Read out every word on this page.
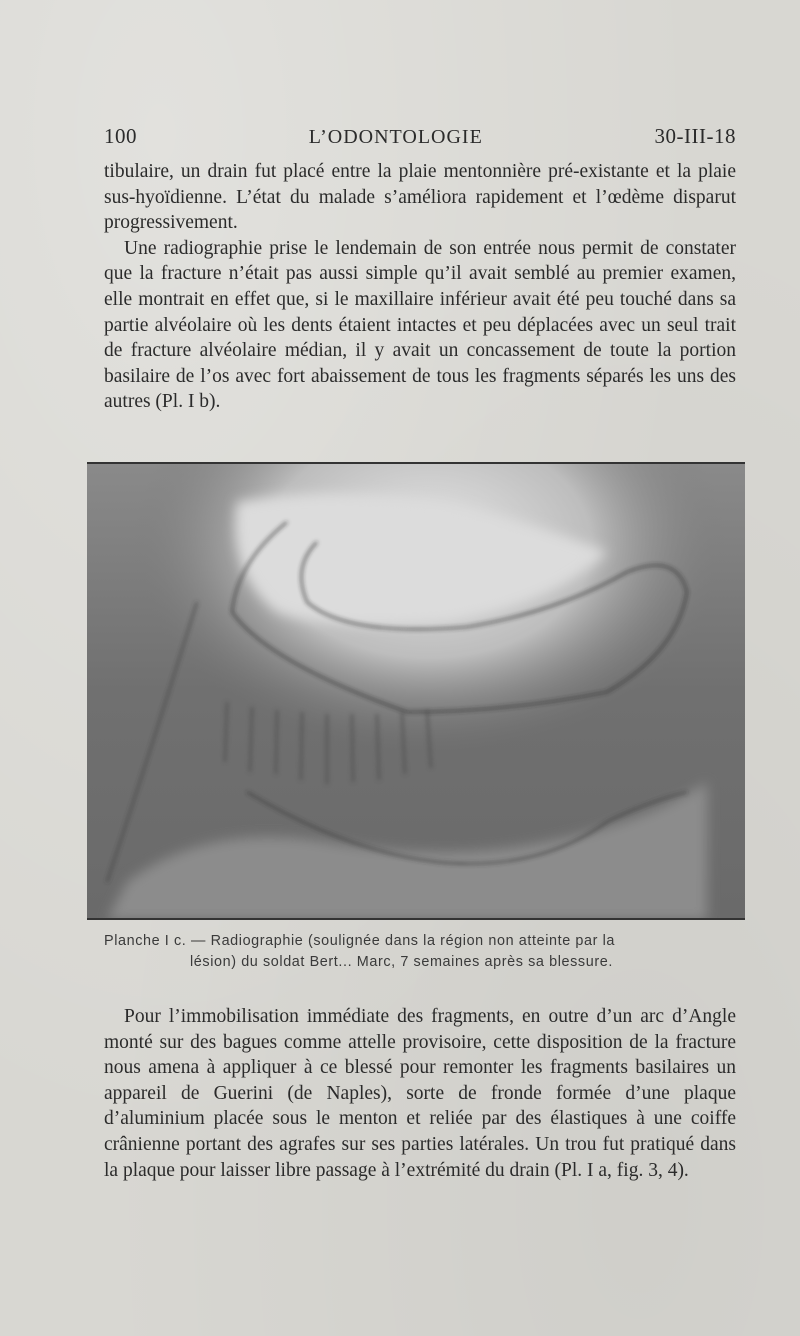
100	L’ODONTOLOGIE	30-III-18

tibulaire, un drain fut placé entre la plaie mentonnière pré-existante et la plaie sus-hyoïdienne. L’état du malade s’améliora rapidement et l’œdème disparut progressivement.

Une radiographie prise le lendemain de son entrée nous permit de constater que la fracture n’était pas aussi simple qu’il avait semblé au premier examen, elle montrait en effet que, si le maxillaire inférieur avait été peu touché dans sa partie alvéolaire où les dents étaient intactes et peu déplacées avec un seul trait de fracture alvéolaire médian, il y avait un concassement de toute la portion basilaire de l’os avec fort abaissement de tous les fragments séparés les uns des autres (Pl. I b).

Planche I c. — Radiographie (soulignée dans la région non atteinte par la

lésion) du soldat Bert... Marc, 7 semaines après sa blessure.

Pour l’immobilisation immédiate des fragments, en outre d’un arc d’Angle monté sur des bagues comme attelle provisoire, cette disposition de la fracture nous amena à appliquer à ce blessé pour remonter les fragments basilaires un appareil de Guerini (de Naples), sorte de fronde formée d’une plaque d’aluminium placée sous le menton et reliée par des élastiques à une coiffe crânienne portant des agrafes sur ses parties latérales. Un trou fut pratiqué dans la plaque pour laisser libre passage à l’extrémité du drain (Pl. I a, fig. 3, 4).
